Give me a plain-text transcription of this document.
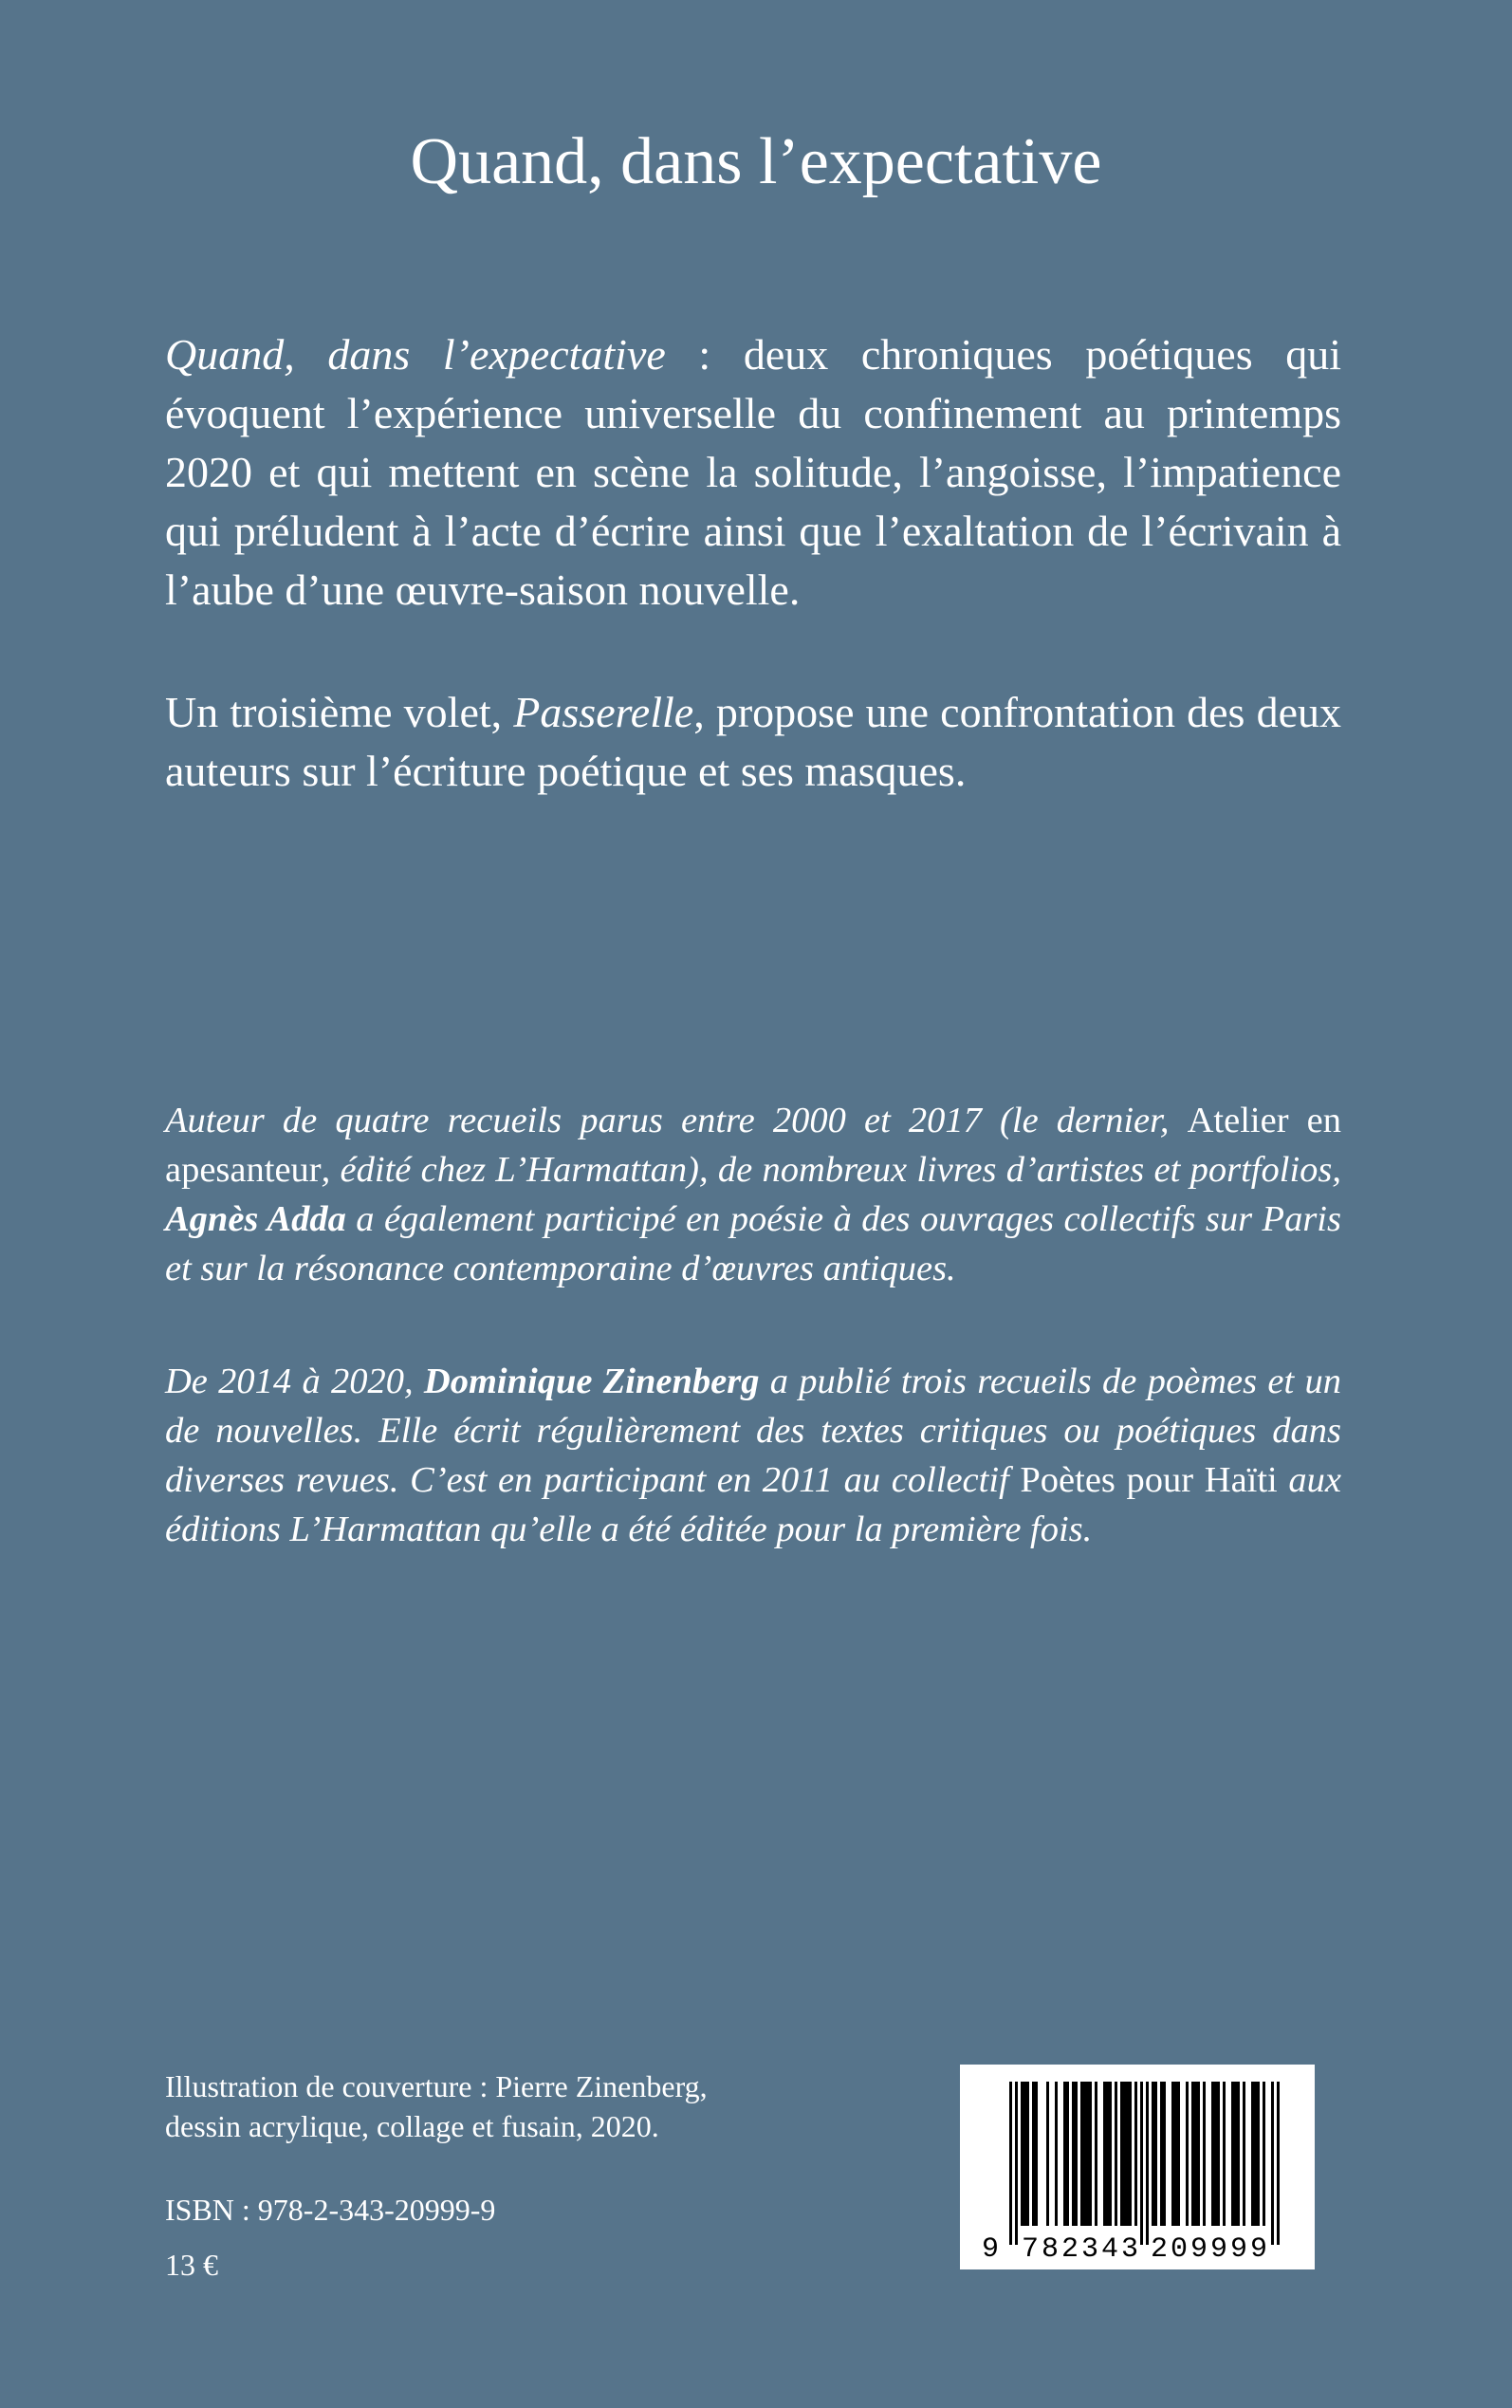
Quand, dans l’expectative

Quand, dans l’expectative : deux chroniques poétiques qui évoquent l’expérience universelle du confinement au printemps 2020 et qui mettent en scène la solitude, l’angoisse, l’impatience qui préludent à l’acte d’écrire ainsi que l’exaltation de l’écrivain à l’aube d’une œuvre-saison nouvelle.

Un troisième volet, Passerelle, propose une confrontation des deux auteurs sur l’écriture poétique et ses masques.

Auteur de quatre recueils parus entre 2000 et 2017 (le dernier, Atelier en apesanteur, édité chez L’Harmattan), de nombreux livres d’artistes et portfolios, Agnès Adda a également participé en poésie à des ouvrages collectifs sur Paris et sur la résonance contemporaine d’œuvres antiques.

De 2014 à 2020, Dominique Zinenberg a publié trois recueils de poèmes et un de nouvelles. Elle écrit régulièrement des textes critiques ou poétiques dans diverses revues. C’est en participant en 2011 au collectif Poètes pour Haïti aux éditions L’Harmattan qu’elle a été éditée pour la première fois.

Illustration de couverture : Pierre Zinenberg,
dessin acrylique, collage et fusain, 2020.

ISBN : 978-2-343-20999-9

13 €	9 782343 209999
